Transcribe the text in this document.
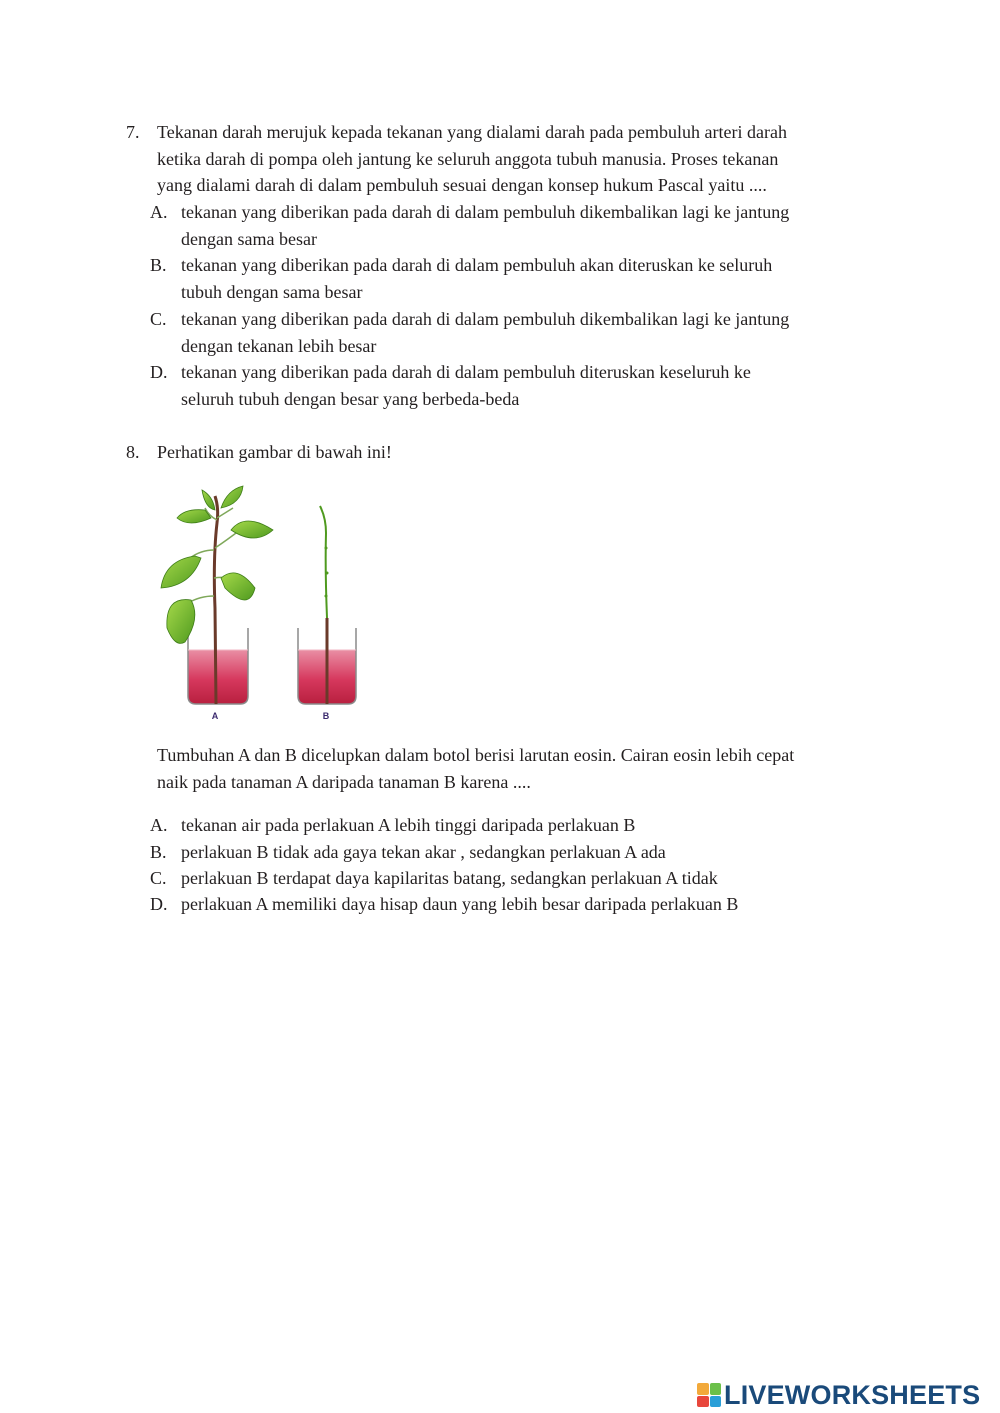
7. Tekanan darah merujuk kepada tekanan yang dialami darah pada pembuluh arteri darah
ketika darah di pompa oleh jantung ke seluruh anggota tubuh manusia. Proses tekanan
yang dialami darah di dalam pembuluh sesuai dengan konsep hukum Pascal yaitu ....
A. tekanan yang diberikan pada darah di dalam pembuluh dikembalikan lagi ke jantung
dengan sama besar
B. tekanan yang diberikan pada darah di dalam pembuluh akan diteruskan ke seluruh
tubuh dengan sama besar
C. tekanan yang diberikan pada darah di dalam pembuluh dikembalikan lagi ke jantung
dengan tekanan lebih besar
D. tekanan yang diberikan pada darah di dalam pembuluh diteruskan keseluruh ke
seluruh tubuh dengan besar yang berbeda-beda
8. Perhatikan gambar di bawah ini!
A	B
Tumbuhan A dan B dicelupkan dalam botol berisi larutan eosin. Cairan eosin lebih cepat
naik pada tanaman A daripada tanaman B karena ....
A. tekanan air pada perlakuan A lebih tinggi daripada perlakuan B
B. perlakuan B tidak ada gaya tekan akar , sedangkan perlakuan A ada
C. perlakuan B terdapat daya kapilaritas batang, sedangkan perlakuan A tidak
D. perlakuan A memiliki daya hisap daun yang lebih besar daripada perlakuan B
LIVEWORKSHEETS
